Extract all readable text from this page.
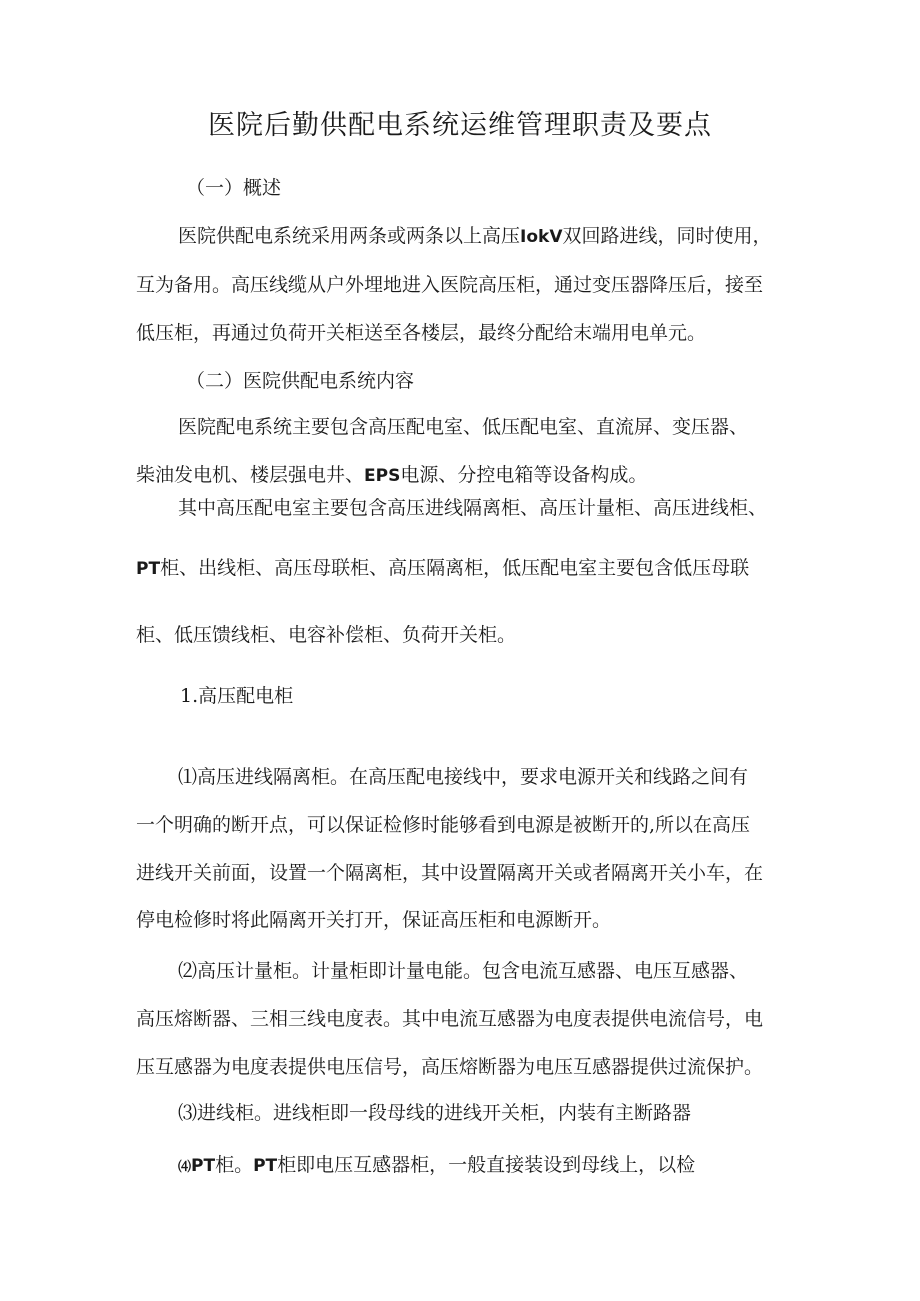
医院后勤供配电系统运维管理职责及要点

（一）概述

医院供配电系统采用两条或两条以上高压IokV双回路进线，同时使用，

互为备用。高压线缆从户外埋地进入医院高压柜，通过变压器降压后，接至

低压柜，再通过负荷开关柜送至各楼层，最终分配给末端用电单元。

（二）医院供配电系统内容

医院配电系统主要包含高压配电室、低压配电室、直流屏、变压器、

柴油发电机、楼层强电井、EPS电源、分控电箱等设备构成。

其中高压配电室主要包含高压进线隔离柜、高压计量柜、高压进线柜、

PT柜、出线柜、高压母联柜、高压隔离柜，低压配电室主要包含低压母联

柜、低压馈线柜、电容补偿柜、负荷开关柜。

1.高压配电柜

⑴高压进线隔离柜。在高压配电接线中，要求电源开关和线路之间有

一个明确的断开点，可以保证检修时能够看到电源是被断开的,所以在高压

进线开关前面，设置一个隔离柜，其中设置隔离开关或者隔离开关小车，在

停电检修时将此隔离开关打开，保证高压柜和电源断开。

⑵高压计量柜。计量柜即计量电能。包含电流互感器、电压互感器、

高压熔断器、三相三线电度表。其中电流互感器为电度表提供电流信号，电

压互感器为电度表提供电压信号，高压熔断器为电压互感器提供过流保护。

⑶进线柜。进线柜即一段母线的进线开关柜，内装有主断路器

⑷PT柜。PT柜即电压互感器柜，一般直接装设到母线上，以检
